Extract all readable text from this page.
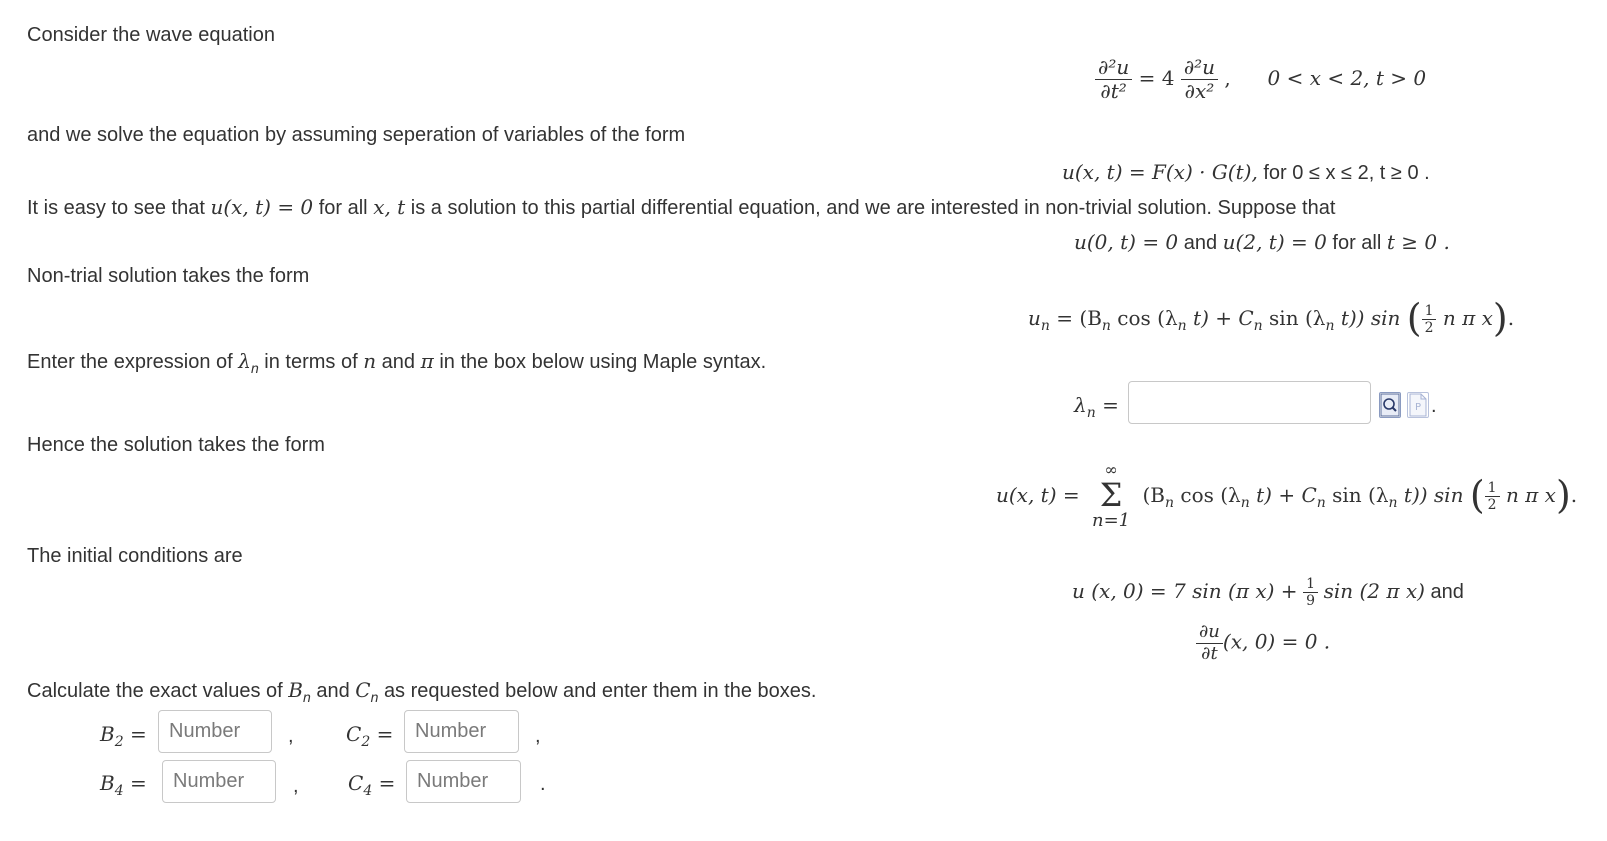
Consider the wave equation
$\frac{\text{∂²u}}{\text{∂t²}} = 4 \frac{\text{∂²u}}{\text{∂x²}}$ , 0 < x < 2, t > 0
and we solve the equation by assuming seperation of variables of the form
u(x, t) = F(x) · G(t), for 0 ≤ x ≤ 2, t ≥ 0 .
It is easy to see that u(x, t) = 0 for all x, t is a solution to this partial differential equation, and we are interested in non-trivial solution. Suppose that
u(0, t) = 0 and u(2, t) = 0 for all t ≥ 0 .
Non-trial solution takes the form
$u_n = (B_n$ $\cos (\lambda_n$ $t) + C_n$ $\sin (\lambda_n$ t)) sin ( $\frac{1}{2}$ n π x).
Enter the expression of $\lambda_n$ in terms of n and π in the box below using Maple syntax.
$\lambda_n$ =	P .
Hence the solution takes the form
u(x, t) =
∞
Σ
n=1
($B_n$ $\cos (\lambda_n$ $t) + C_n$ $\sin (\lambda_n$ t)) sin ( $\frac{1}{2}$ n π x).
The initial conditions are
u (x, 0) = 7 sin (π $x) + \frac{1}{9}$ sin (2 π x) and
$\frac{\partial u}{\partial t} (x$, 0) = 0 .
Calculate the exact values of $B_n$ and $C_n$ as requested below and enter them in the boxes.
$B_2$ =
Number	,	$C_2$ =
Number	,
$B_4$ =
Number	, $C_4$ =
Number	.
